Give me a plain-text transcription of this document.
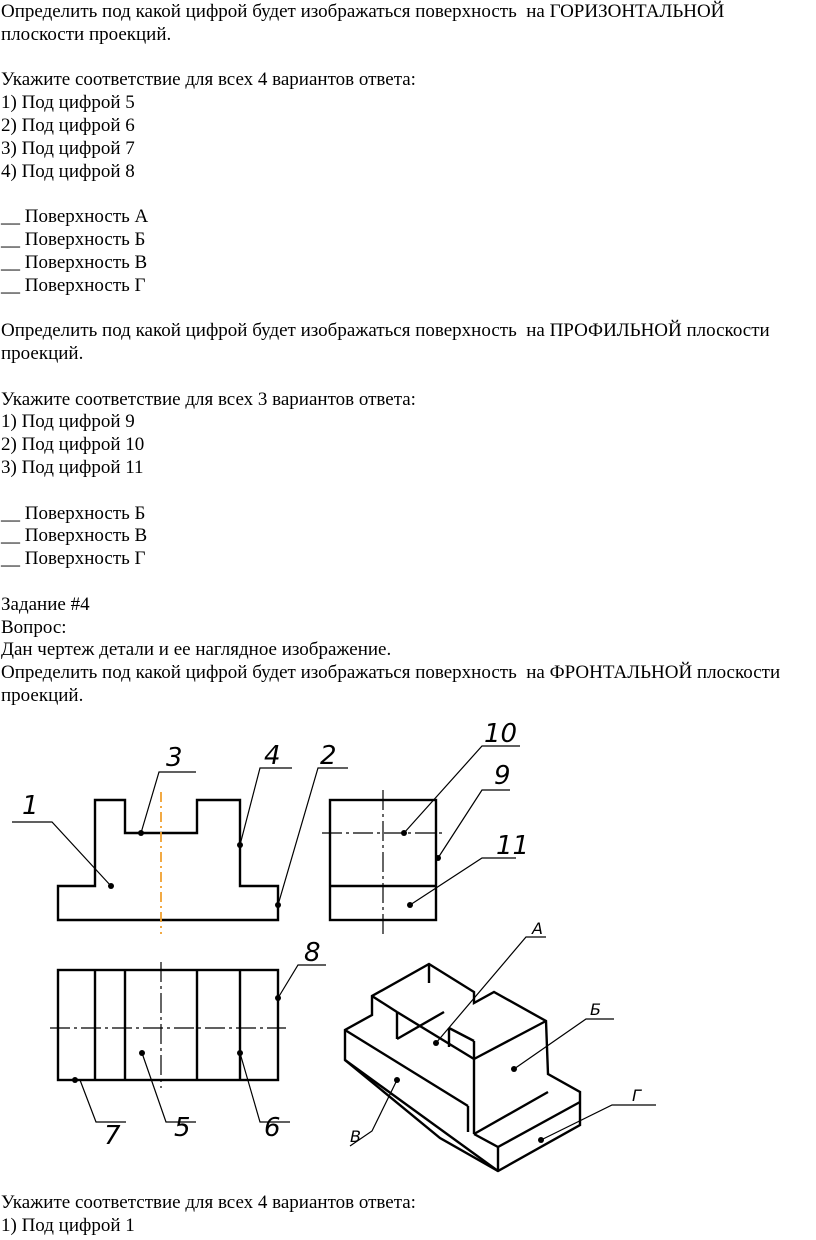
Определить под какой цифрой будет изображаться поверхность  на ГОРИЗОНТАЛЬНОЙ
плоскости проекций.
Укажите соответствие для всех 4 вариантов ответа:
1) Под цифрой 5
2) Под цифрой 6
3) Под цифрой 7
4) Под цифрой 8
__ Поверхность А
__ Поверхность Б
__ Поверхность В
__ Поверхность Г
Определить под какой цифрой будет изображаться поверхность  на ПРОФИЛЬНОЙ плоскости
проекций.
Укажите соответствие для всех 3 вариантов ответа:
1) Под цифрой 9
2) Под цифрой 10
3) Под цифрой 11
__ Поверхность Б
__ Поверхность В
__ Поверхность Г
Задание #4
Вопрос:
Дан чертеж детали и ее наглядное изображение.
Определить под какой цифрой будет изображаться поверхность  на ФРОНТАЛЬНОЙ плоскости
проекций.
1
3	4 2
10
9
11
8
7 5	6
А
Б
Г
В
Укажите соответствие для всех 4 вариантов ответа:
1) Под цифрой 1
